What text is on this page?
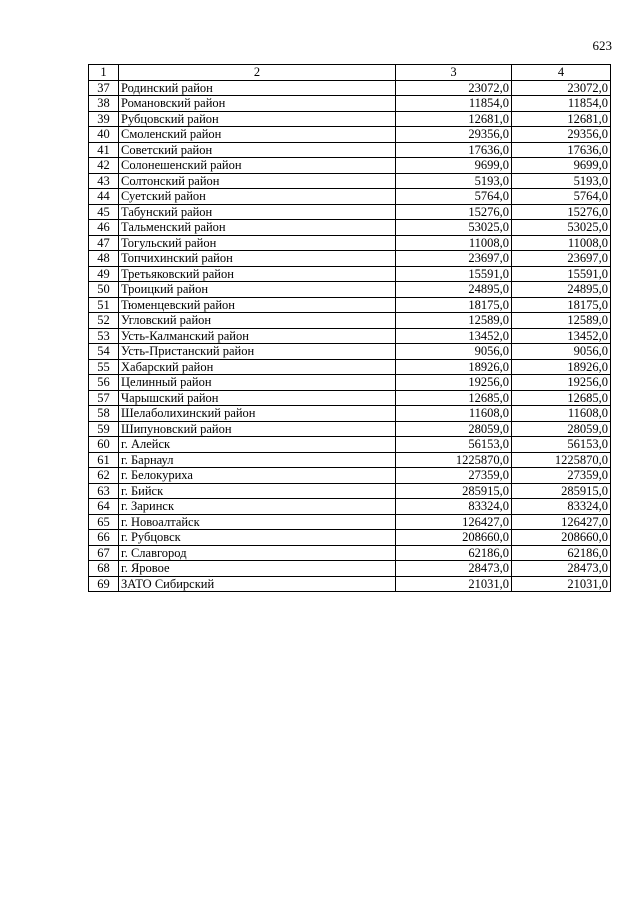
623
1	2	3	4
37	Родинский район	23072,0	23072,0
38	Романовский район	11854,0	11854,0
39	Рубцовский район	12681,0	12681,0
40	Смоленский район	29356,0	29356,0
41	Советский район	17636,0	17636,0
42	Солонешенский район	9699,0	9699,0
43	Солтонский район	5193,0	5193,0
44	Суетский район	5764,0	5764,0
45	Табунский район	15276,0	15276,0
46	Тальменский район	53025,0	53025,0
47	Тогульский район	11008,0	11008,0
48	Топчихинский район	23697,0	23697,0
49	Третьяковский район	15591,0	15591,0
50	Троицкий район	24895,0	24895,0
51	Тюменцевский район	18175,0	18175,0
52	Угловский район	12589,0	12589,0
53	Усть-Калманский район	13452,0	13452,0
54	Усть-Пристанский район	9056,0	9056,0
55	Хабарский район	18926,0	18926,0
56	Целинный район	19256,0	19256,0
57	Чарышский район	12685,0	12685,0
58	Шелаболихинский район	11608,0	11608,0
59	Шипуновский район	28059,0	28059,0
60	г. Алейск	56153,0	56153,0
61	г. Барнаул	1225870,0	1225870,0
62	г. Белокуриха	27359,0	27359,0
63	г. Бийск	285915,0	285915,0
64	г. Заринск	83324,0	83324,0
65	г. Новоалтайск	126427,0	126427,0
66	г. Рубцовск	208660,0	208660,0
67	г. Славгород	62186,0	62186,0
68	г. Яровое	28473,0	28473,0
69	ЗАТО Сибирский	21031,0	21031,0
